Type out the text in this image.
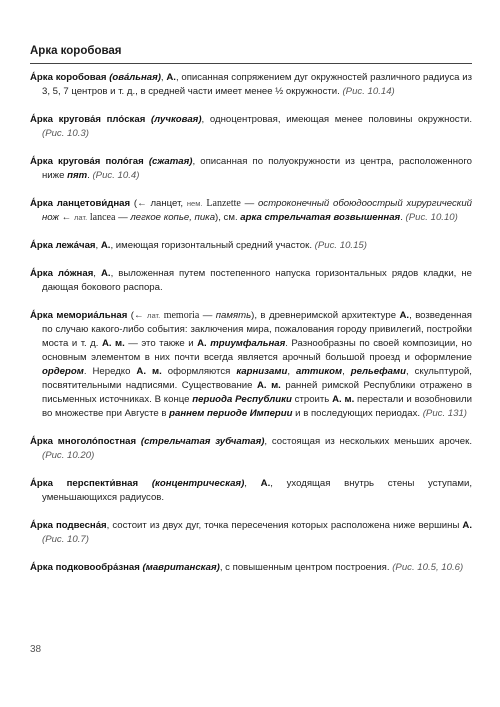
Арка коробовая

А́рка коробовая (ова́льная), А., описанная сопряжением дуг окружностей различного радиуса из 3, 5, 7 центров и т. д., в средней части имеет менее ½ окружности. (Рис. 10.14)

А́рка кругова́я пло́ская (лучковая), одноцентровая, имеющая менее половины окружности. (Рис. 10.3)

А́рка кругова́я поло́гая (сжатая), описанная по полуокружности из центра, расположенного ниже пят. (Рис. 10.4)

А́рка ланцетови́дная (← ланцет, нем. Lanzette — остроконечный обоюдоострый хирургический нож ← лат. lancea — легкое копье, пика), см. арка стрельчатая возвышенная. (Рис. 10.10)

А́рка лежа́чая, А., имеющая горизонтальный средний участок. (Рис. 10.15)

А́рка ло́жная, А., выложенная путем постепенного напуска горизонтальных рядов кладки, не дающая бокового распора.

А́рка мемориа́льная (← лат. memoria — память), в древнеримской архитектуре А., возведенная по случаю какого-либо события: заключения мира, пожалования городу привилегий, постройки моста и т. д. А. м. — это также и А. триумфальная. Разнообразны по своей композиции, но основным элементом в них почти всегда является арочный большой проезд и оформление ордером. Нередко А. м. оформляются карнизами, аттиком, рельефами, скульптурой, посвятительными надписями. Существование А. м. ранней римской Республики отражено в письменных источниках. В конце периода Республики строить А. м. перестали и возобновили во множестве при Августе в раннем периоде Империи и в последующих периодах. (Рис. 131)

А́рка многоло́постная (стрельчатая зубчатая), состоящая из нескольких меньших арочек. (Рис. 10.20)

А́рка перспекти́вная (концентрическая), А., уходящая внутрь стены уступами, уменьшающихся радиусов.

А́рка подвесна́я, состоит из двух дуг, точка пересечения которых расположена ниже вершины А. (Рис. 10.7)

А́рка подковообра́зная (мавританская), с повышенным центром построения. (Рис. 10.5, 10.6)

38
